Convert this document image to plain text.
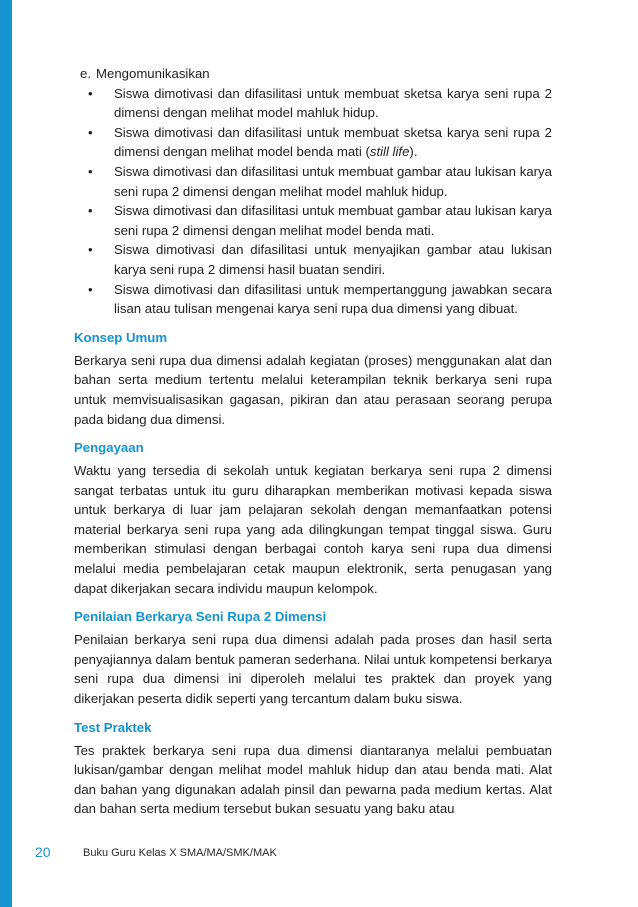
e. Mengomunikasikan
•	Siswa dimotivasi dan difasilitasi untuk membuat sketsa karya seni rupa 2 dimensi dengan melihat model mahluk hidup.
•	Siswa dimotivasi dan difasilitasi untuk membuat sketsa karya seni rupa 2 dimensi dengan melihat model benda mati (still life).
•	Siswa dimotivasi dan difasilitasi untuk membuat gambar atau lukisan karya seni rupa 2 dimensi dengan melihat model mahluk hidup.
•	Siswa dimotivasi dan difasilitasi untuk membuat gambar atau lukisan karya seni rupa 2 dimensi dengan melihat model benda mati.
•	Siswa dimotivasi dan difasilitasi untuk menyajikan gambar atau lukisan karya seni rupa 2 dimensi hasil buatan sendiri.
•	Siswa dimotivasi dan difasilitasi untuk mempertanggung jawabkan secara lisan atau tulisan mengenai karya seni rupa dua dimensi yang dibuat.
Konsep Umum

Berkarya seni rupa dua dimensi adalah kegiatan (proses) menggunakan alat dan bahan serta medium tertentu melalui keterampilan teknik berkarya seni rupa untuk memvisualisasikan gagasan, pikiran dan atau perasaan seorang perupa pada bidang dua dimensi.

Pengayaan

Waktu yang tersedia di sekolah untuk kegiatan berkarya seni rupa 2 dimensi sangat terbatas untuk itu guru diharapkan memberikan motivasi kepada siswa untuk berkarya di luar jam pelajaran sekolah dengan memanfaatkan potensi material berkarya seni rupa yang ada dilingkungan tempat tinggal siswa. Guru memberikan stimulasi dengan berbagai contoh karya seni rupa dua dimensi melalui media pembelajaran cetak maupun elektronik, serta penugasan yang dapat dikerjakan secara individu maupun kelompok.

Penilaian Berkarya Seni Rupa 2 Dimensi

Penilaian berkarya seni rupa dua dimensi adalah pada proses dan hasil serta penyajiannya dalam bentuk pameran sederhana. Nilai untuk kompetensi berkarya seni rupa dua dimensi ini diperoleh melalui tes praktek dan proyek yang dikerjakan peserta didik seperti yang tercantum dalam buku siswa.

Test Praktek

Tes praktek berkarya seni rupa dua dimensi diantaranya melalui pembuatan lukisan/gambar dengan melihat model mahluk hidup dan atau benda mati. Alat dan bahan yang digunakan adalah pinsil dan pewarna pada medium kertas. Alat dan bahan serta medium tersebut bukan sesuatu yang baku atau

20	Buku Guru Kelas X SMA/MA/SMK/MAK
